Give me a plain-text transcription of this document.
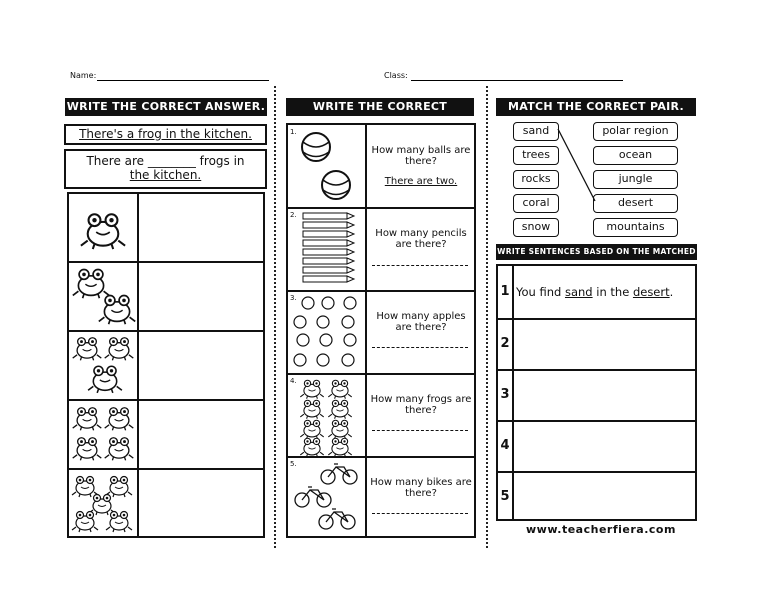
Name:	Class:
WRITE THE CORRECT ANSWER.
There's a frog in the kitchen.
There are ________ frogs in
the kitchen.
WRITE THE CORRECT ANSWER.
1.
2.
3.
4.
5.
How many balls are there?
There are two.
How many pencils are there?
How many apples are there?
How many frogs are there?
How many bikes are there?
MATCH THE CORRECT PAIR.
sand
trees
rocks
coral
snow
polar region
ocean
jungle
desert
mountains
WRITE SENTENCES BASED ON THE MATCHED PAIRS.
1
2
3
4
5
You find sand in the desert.
www.teacherfiera.com
